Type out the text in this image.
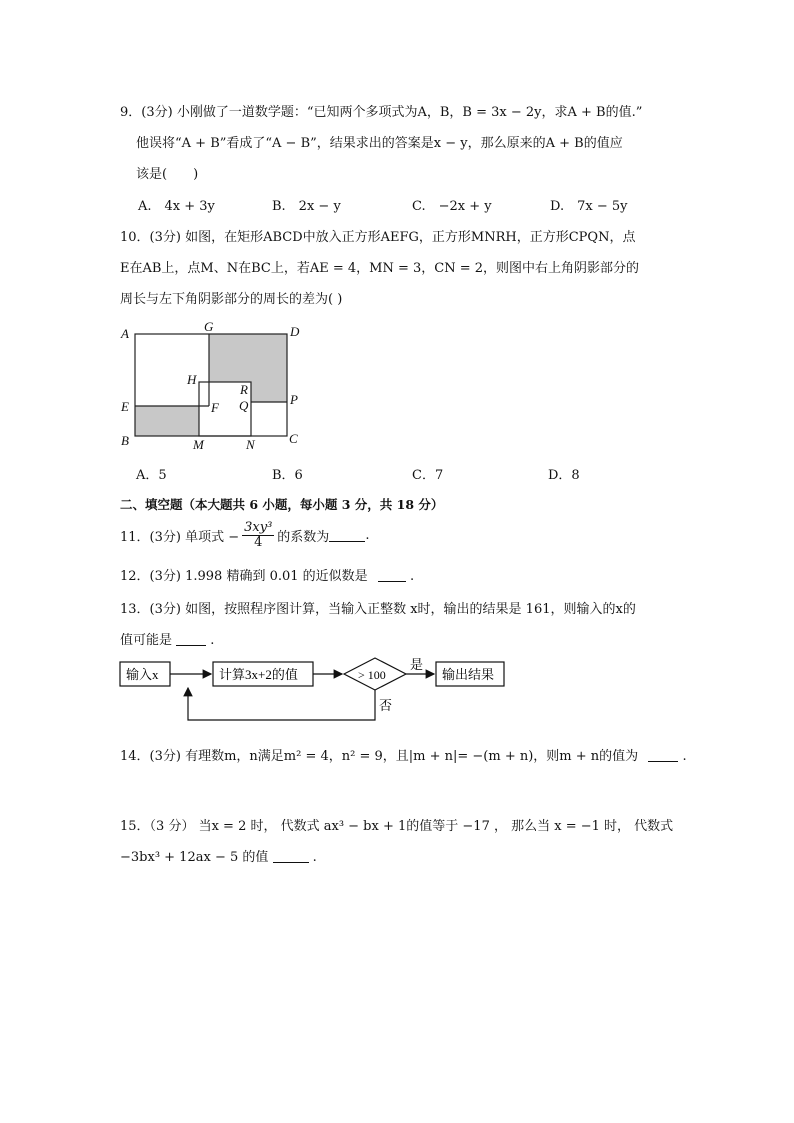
9．(3分) 小刚做了一道数学题：“已知两个多项式为A，B，B = 3x − 2y，求A + B的值.”
他误将“A + B”看成了“A − B”，结果求出的答案是x − y，那么原来的A + B的值应
该是(　　)
A.　4x + 3y	B.　2x − y	C.　−2x + y	D.　7x − 5y
10．(3分) 如图，在矩形ABCD中放入正方形AEFG，正方形MNRH，正方形CPQN，点
E在AB上，点M、N在BC上，若AE = 4，MN = 3，CN = 2，则图中右上角阴影部分的
周长与左下角阴影部分的周长的差为( )
A	G	D
H
R
Q	P
E	F
B	M	N	C
A．5	B．6	C．7	D．8
二、填空题（本大题共 6 小题，每小题 3 分，共 18 分）
11．(3分) 单项式 − $\frac{\text{3xy³}}{4}$ 的系数为	.
12．(3分) 1.998 精确到 0.01 的近似数是	.
13．(3分) 如图，按照程序图计算，当输入正整数 x时，输出的结果是 161，则输入的x的
值可能是	.
输入x	计算3x+2的值	> 100
是
输出结果
否
14．(3分) 有理数m，n满足m² = 4，n² = 9，且|m + n|= −(m + n)，则m + n的值为	.
15．（3 分） 当x = 2 时， 代数式 ax³ − bx + 1的值等于 −17 ， 那么当 x = −1 时， 代数式
−3bx³ + 12ax − 5 的值	.
